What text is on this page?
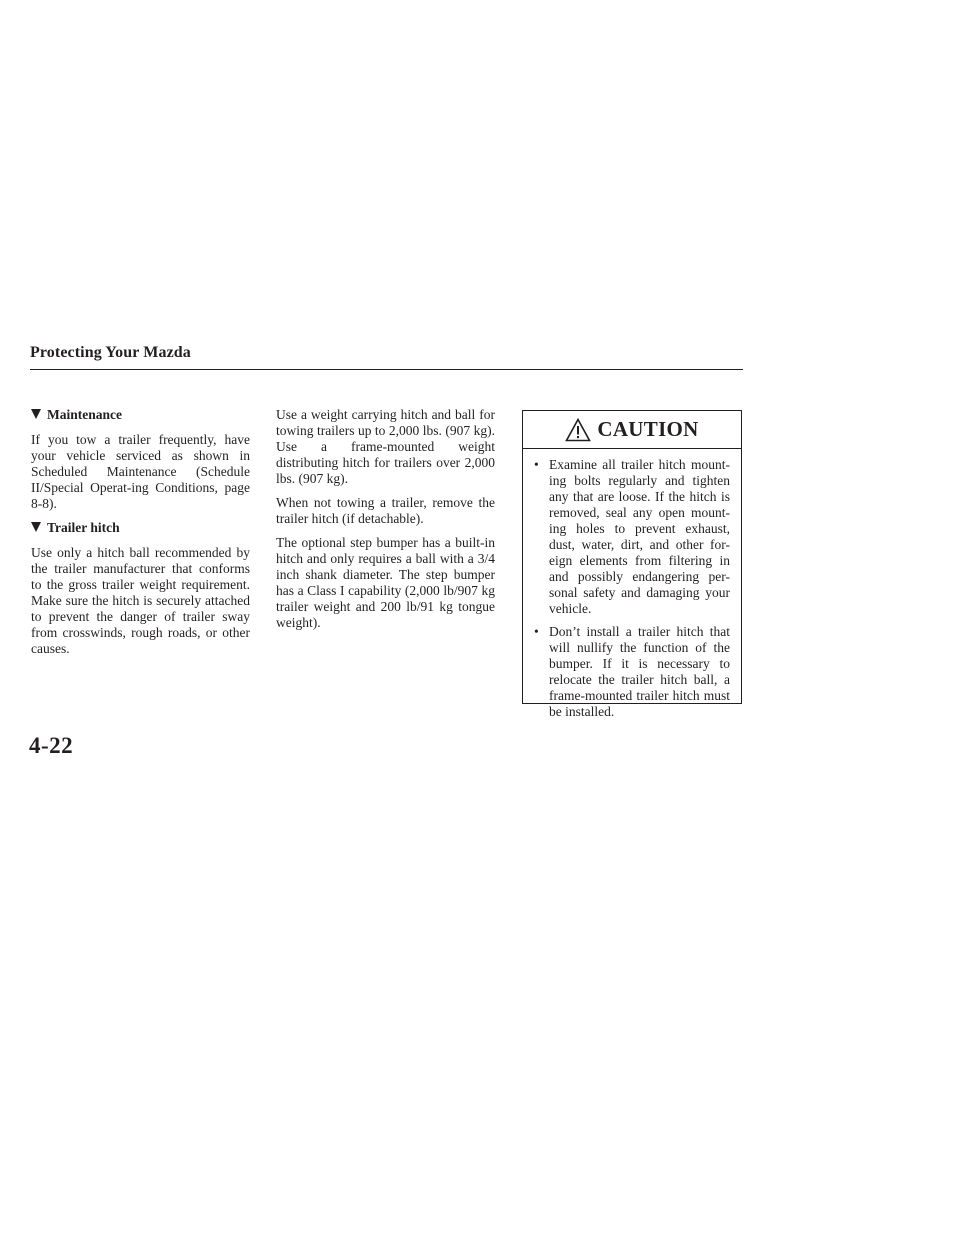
Protecting Your Mazda

Maintenance

If you tow a trailer frequently, have your vehicle serviced as shown in Scheduled Maintenance (Schedule II/Special Operat-ing Conditions, page 8-8).

Trailer hitch

Use only a hitch ball recommended by the trailer manufacturer that conforms to the gross trailer weight requirement. Make sure the hitch is securely attached to prevent the danger of trailer sway from crosswinds, rough roads, or other causes.

Use a weight carrying hitch and ball for towing trailers up to 2,000 lbs. (907 kg). Use a frame-mounted weight distributing hitch for trailers over 2,000 lbs. (907 kg).

When not towing a trailer, remove the trailer hitch (if detachable).

The optional step bumper has a built-in hitch and only requires a ball with a 3/4 inch shank diameter. The step bumper has a Class I capability (2,000 lb/907 kg trailer weight and 200 lb/91 kg tongue weight).

CAUTION
• Examine all trailer hitch mount-ing bolts regularly and tighten any that are loose. If the hitch is removed, seal any open mount-ing holes to prevent exhaust, dust, water, dirt, and other for-eign elements from filtering in and possibly endangering per-sonal safety and damaging your vehicle.
• Don’t install a trailer hitch that will nullify the function of the bumper. If it is necessary to relocate the trailer hitch ball, a frame-mounted trailer hitch must be installed.
4-22
